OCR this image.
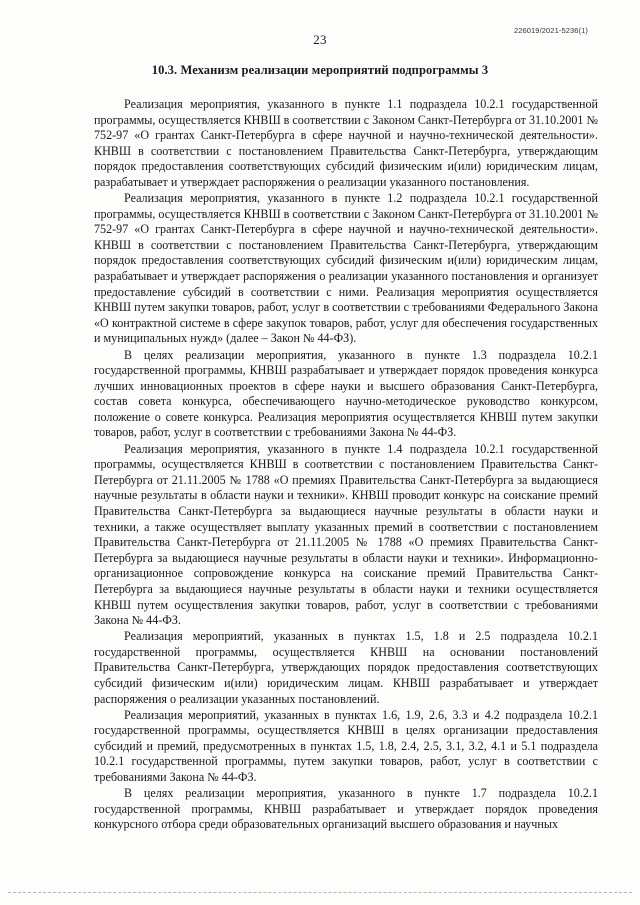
23
226019/2021-5236(1)
10.3. Механизм реализации мероприятий подпрограммы 3

Реализация мероприятия, указанного в пункте 1.1 подраздела 10.2.1 государственной программы, осуществляется КНВШ в соответствии с Законом Санкт-Петербурга от 31.10.2001 № 752-97 «О грантах Санкт-Петербурга в сфере научной и научно-технической деятельности». КНВШ в соответствии с постановлением Правительства Санкт-Петербурга, утверждающим порядок предоставления соответствующих субсидий физическим и(или) юридическим лицам, разрабатывает и утверждает распоряжения о реализации указанного постановления.

Реализация мероприятия, указанного в пункте 1.2 подраздела 10.2.1 государственной программы, осуществляется КНВШ в соответствии с Законом Санкт-Петербурга от 31.10.2001 № 752-97 «О грантах Санкт-Петербурга в сфере научной и научно-технической деятельности». КНВШ в соответствии с постановлением Правительства Санкт-Петербурга, утверждающим порядок предоставления соответствующих субсидий физическим и(или) юридическим лицам, разрабатывает и утверждает распоряжения о реализации указанного постановления и организует предоставление субсидий в соответствии с ними. Реализация мероприятия осуществляется КНВШ путем закупки товаров, работ, услуг в соответствии с требованиями Федерального Закона «О контрактной системе в сфере закупок товаров, работ, услуг для обеспечения государственных и муниципальных нужд» (далее – Закон № 44-ФЗ).

В целях реализации мероприятия, указанного в пункте 1.3 подраздела 10.2.1 государственной программы, КНВШ разрабатывает и утверждает порядок проведения конкурса лучших инновационных проектов в сфере науки и высшего образования Санкт-Петербурга, состав совета конкурса, обеспечивающего научно-методическое руководство конкурсом, положение о совете конкурса. Реализация мероприятия осуществляется КНВШ путем закупки товаров, работ, услуг в соответствии с требованиями Закона № 44-ФЗ.

Реализация мероприятия, указанного в пункте 1.4 подраздела 10.2.1 государственной программы, осуществляется КНВШ в соответствии с постановлением Правительства Санкт-Петербурга от 21.11.2005 № 1788 «О премиях Правительства Санкт-Петербурга за выдающиеся научные результаты в области науки и техники». КНВШ проводит конкурс на соискание премий Правительства Санкт-Петербурга за выдающиеся научные результаты в области науки и техники, а также осуществляет выплату указанных премий в соответствии с постановлением Правительства Санкт-Петербурга от 21.11.2005 № 1788 «О премиях Правительства Санкт-Петербурга за выдающиеся научные результаты в области науки и техники». Информационно-организационное сопровождение конкурса на соискание премий Правительства Санкт-Петербурга за выдающиеся научные результаты в области науки и техники осуществляется КНВШ путем осуществления закупки товаров, работ, услуг в соответствии с требованиями Закона № 44-ФЗ.

Реализация мероприятий, указанных в пунктах 1.5, 1.8 и 2.5 подраздела 10.2.1 государственной программы, осуществляется КНВШ на основании постановлений Правительства Санкт-Петербурга, утверждающих порядок предоставления соответствующих субсидий физическим и(или) юридическим лицам. КНВШ разрабатывает и утверждает распоряжения о реализации указанных постановлений.

Реализация мероприятий, указанных в пунктах 1.6, 1.9, 2.6, 3.3 и 4.2 подраздела 10.2.1 государственной программы, осуществляется КНВШ в целях организации предоставления субсидий и премий, предусмотренных в пунктах 1.5, 1.8, 2.4, 2.5, 3.1, 3.2, 4.1 и 5.1 подраздела 10.2.1 государственной программы, путем закупки товаров, работ, услуг в соответствии с требованиями Закона № 44-ФЗ.

В целях реализации мероприятия, указанного в пункте 1.7 подраздела 10.2.1 государственной программы, КНВШ разрабатывает и утверждает порядок проведения конкурсного отбора среди образовательных организаций высшего образования и научных
